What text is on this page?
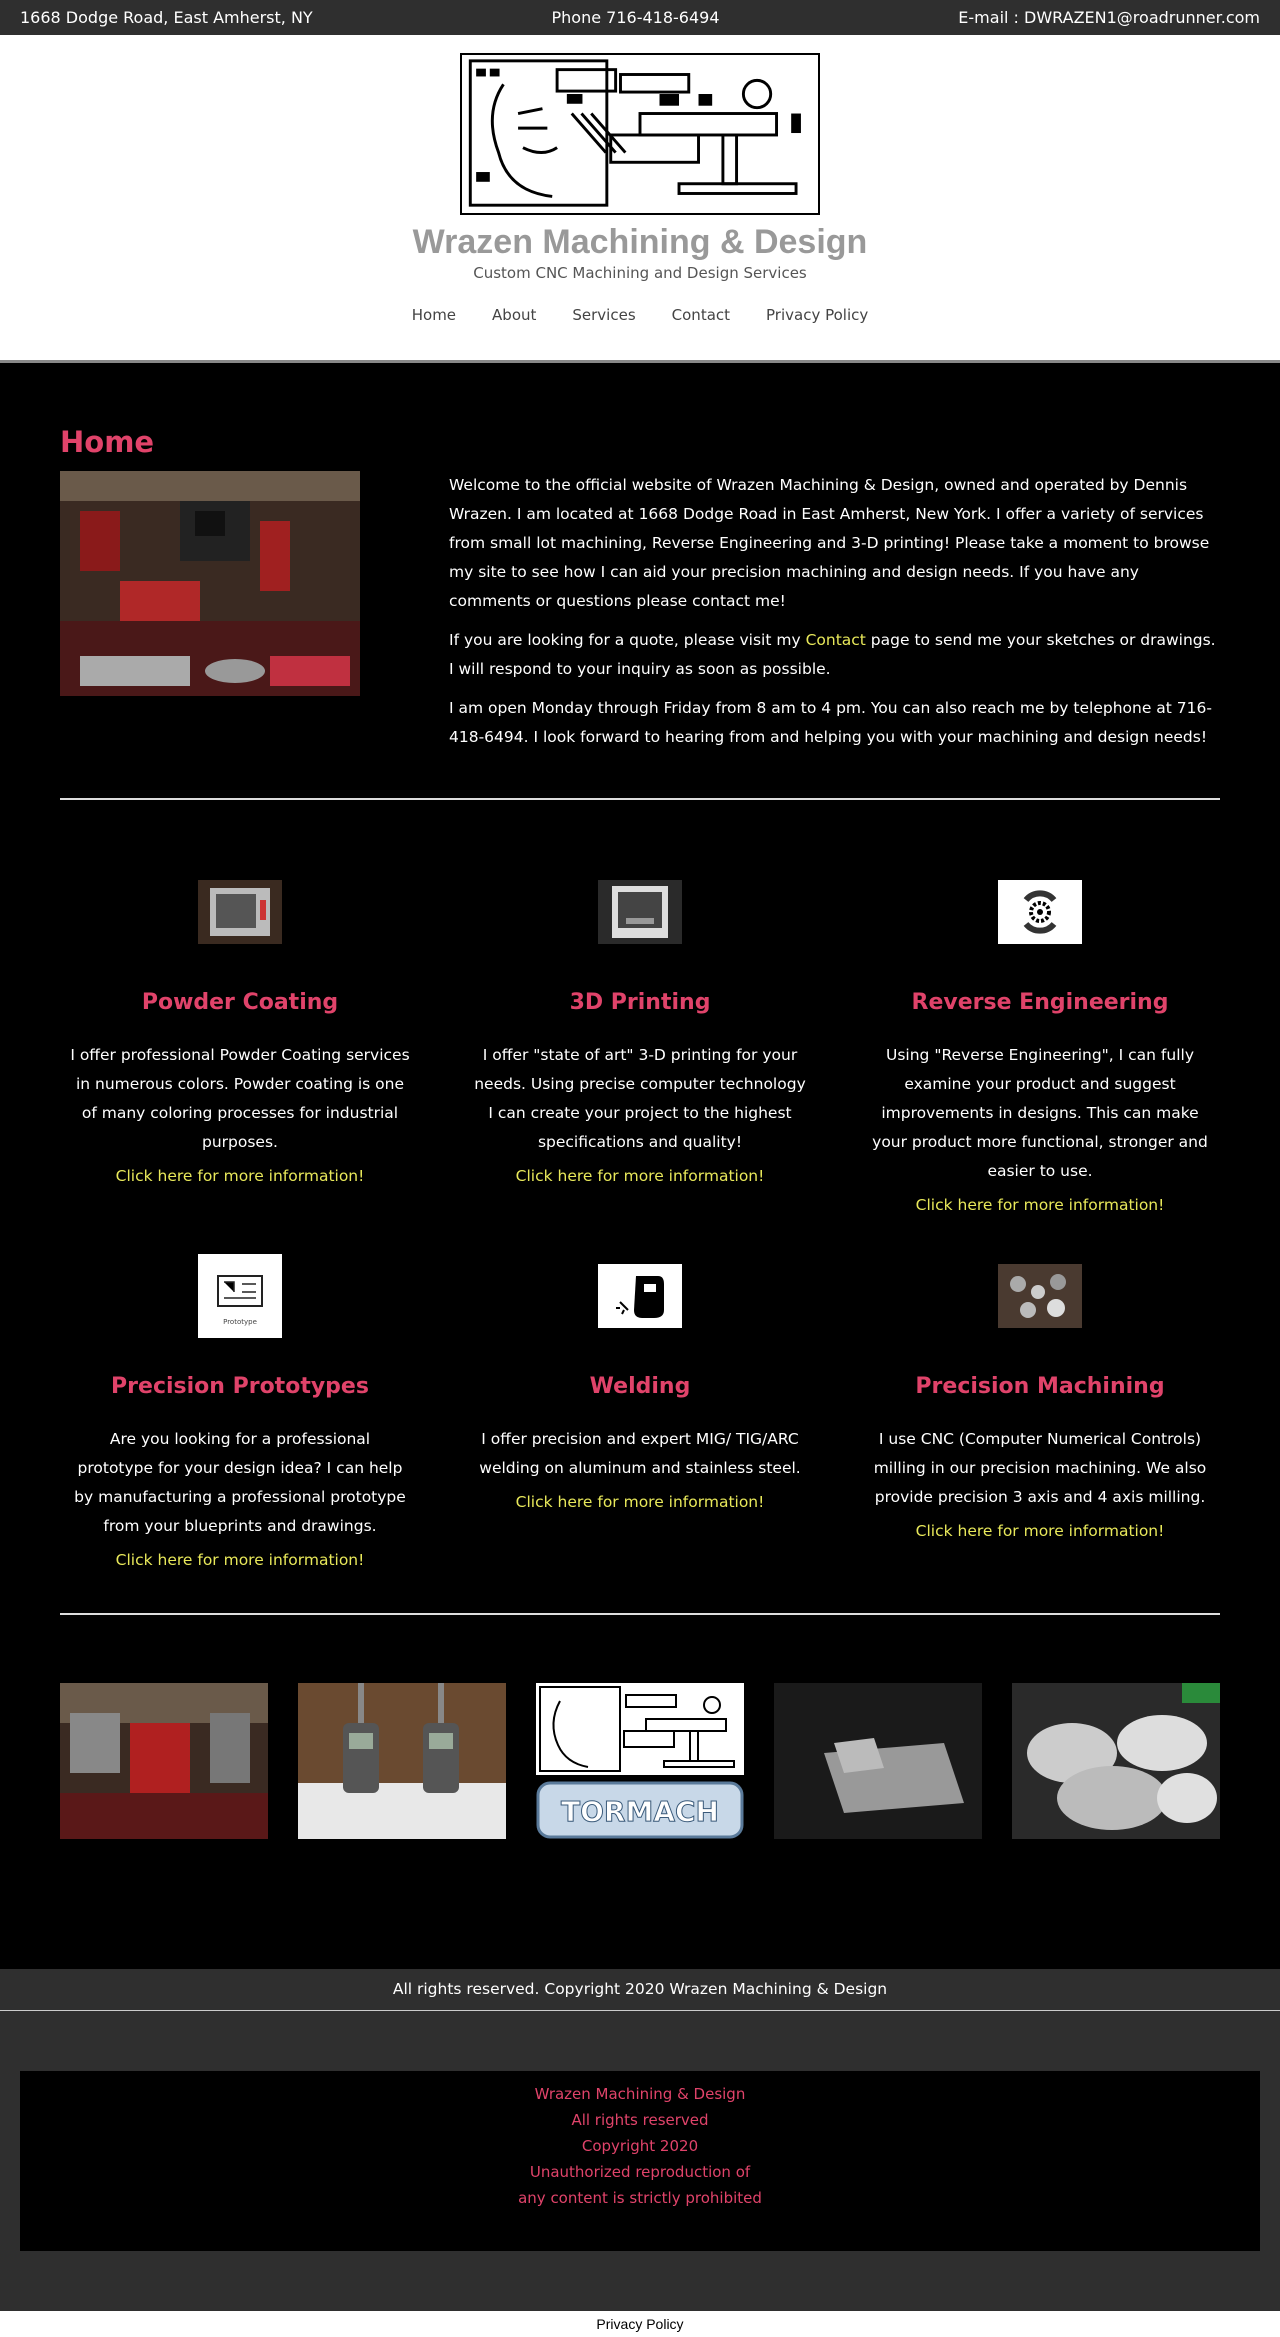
1668 Dodge Road, East Amherst, NY	Phone 716-418-6494	E-mail : DWRAZEN1@roadrunner.com
Wrazen Machining & Design
Custom CNC Machining and Design Services
Home About Services Contact Privacy Policy
Home

Welcome to the official website of Wrazen Machining & Design, owned and operated by Dennis Wrazen. I am located at 1668 Dodge Road in East Amherst, New York. I offer a variety of services from small lot machining, Reverse Engineering and 3-D printing! Please take a moment to browse my site to see how I can aid your precision machining and design needs. If you have any comments or questions please contact me!

If you are looking for a quote, please visit my Contact page to send me your sketches or drawings. I will respond to your inquiry as soon as possible.

I am open Monday through Friday from 8 am to 4 pm. You can also reach me by telephone at 716-418-6494. I look forward to hearing from and helping you with your machining and design needs!

Powder Coating
I offer professional Powder Coating services in numerous colors. Powder coating is one of many coloring processes for industrial purposes.
Click here for more information!
3D Printing
I offer "state of art" 3-D printing for your needs. Using precise computer technology I can create your project to the highest specifications and quality!
Click here for more information!
Reverse Engineering
Using "Reverse Engineering", I can fully examine your product and suggest improvements in designs. This can make your product more functional, stronger and easier to use.
Click here for more information!
Prototype
Precision Prototypes
Are you looking for a professional prototype for your design idea? I can help by manufacturing a professional prototype from your blueprints and drawings.
Click here for more information!
Welding
I offer precision and expert MIG/ TIG/ARC welding on aluminum and stainless steel.
Click here for more information!
Precision Machining
I use CNC (Computer Numerical Controls) milling in our precision machining. We also provide precision 3 axis and 4 axis milling.
Click here for more information!
TORMACH
All rights reserved. Copyright 2020 Wrazen Machining & Design
Wrazen Machining & Design
All rights reserved
Copyright 2020
Unauthorized reproduction of
any content is strictly prohibited
Privacy Policy
